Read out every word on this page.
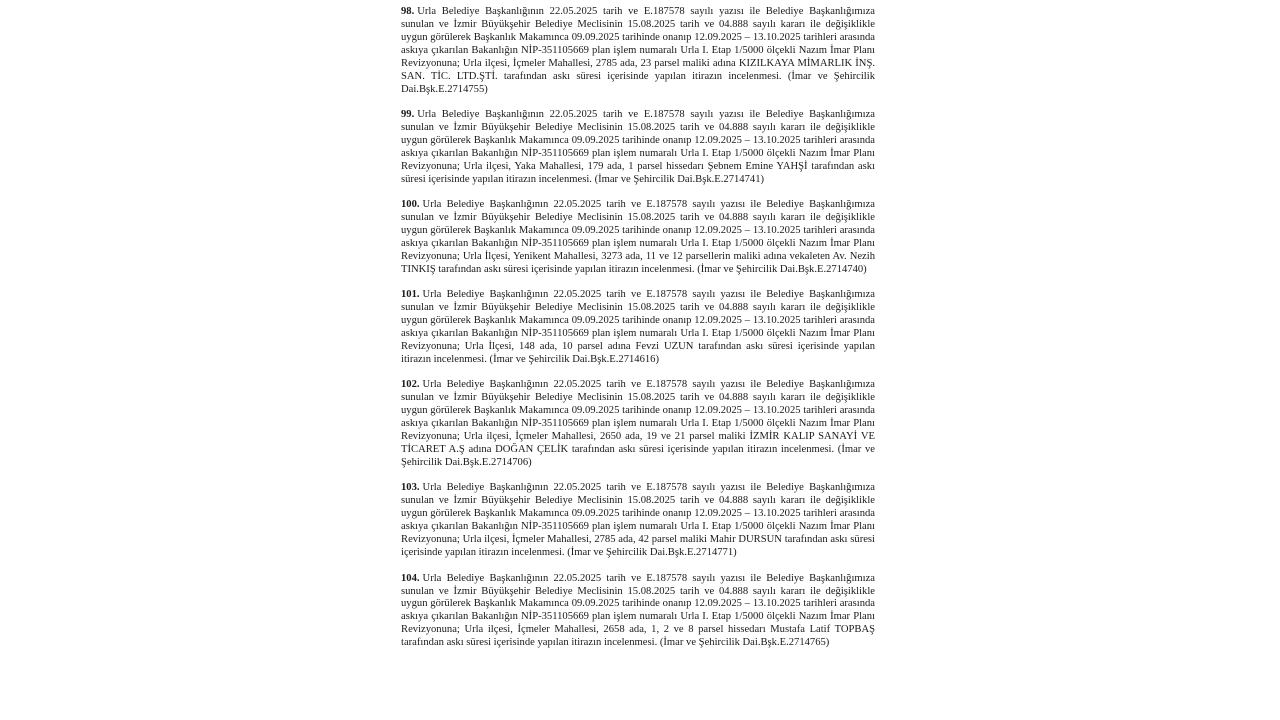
98. Urla Belediye Başkanlığının 22.05.2025 tarih ve E.187578 sayılı yazısı ile Belediye Başkanlığımıza sunulan ve İzmir Büyükşehir Belediye Meclisinin 15.08.2025 tarih ve 04.888 sayılı kararı ile değişiklikle uygun görülerek Başkanlık Makamınca 09.09.2025 tarihinde onanıp 12.09.2025 – 13.10.2025 tarihleri arasında askıya çıkarılan Bakanlığın NİP-351105669 plan işlem numaralı Urla I. Etap 1/5000 ölçekli Nazım İmar Planı Revizyonuna; Urla ilçesi, İçmeler Mahallesi, 2785 ada, 23 parsel maliki adına KIZILKAYA MİMARLIK İNŞ. SAN. TİC. LTD.ŞTİ. tarafından askı süresi içerisinde yapılan itirazın incelenmesi. (İmar ve Şehircilik Dai.Bşk.E.2714755)

99. Urla Belediye Başkanlığının 22.05.2025 tarih ve E.187578 sayılı yazısı ile Belediye Başkanlığımıza sunulan ve İzmir Büyükşehir Belediye Meclisinin 15.08.2025 tarih ve 04.888 sayılı kararı ile değişiklikle uygun görülerek Başkanlık Makamınca 09.09.2025 tarihinde onanıp 12.09.2025 – 13.10.2025 tarihleri arasında askıya çıkarılan Bakanlığın NİP-351105669 plan işlem numaralı Urla I. Etap 1/5000 ölçekli Nazım İmar Planı Revizyonuna; Urla ilçesi, Yaka Mahallesi, 179 ada, 1 parsel hissedarı Şebnem Emine YAHŞİ tarafından askı süresi içerisinde yapılan itirazın incelenmesi. (İmar ve Şehircilik Dai.Bşk.E.2714741)

100. Urla Belediye Başkanlığının 22.05.2025 tarih ve E.187578 sayılı yazısı ile Belediye Başkanlığımıza sunulan ve İzmir Büyükşehir Belediye Meclisinin 15.08.2025 tarih ve 04.888 sayılı kararı ile değişiklikle uygun görülerek Başkanlık Makamınca 09.09.2025 tarihinde onanıp 12.09.2025 – 13.10.2025 tarihleri arasında askıya çıkarılan Bakanlığın NİP-351105669 plan işlem numaralı Urla I. Etap 1/5000 ölçekli Nazım İmar Planı Revizyonuna; Urla İlçesi, Yenikent Mahallesi, 3273 ada, 11 ve 12 parsellerin maliki adına vekaleten Av. Nezih TINKIŞ tarafından askı süresi içerisinde yapılan itirazın incelenmesi. (İmar ve Şehircilik Dai.Bşk.E.2714740)

101. Urla Belediye Başkanlığının 22.05.2025 tarih ve E.187578 sayılı yazısı ile Belediye Başkanlığımıza sunulan ve İzmir Büyükşehir Belediye Meclisinin 15.08.2025 tarih ve 04.888 sayılı kararı ile değişiklikle uygun görülerek Başkanlık Makamınca 09.09.2025 tarihinde onanıp 12.09.2025 – 13.10.2025 tarihleri arasında askıya çıkarılan Bakanlığın NİP-351105669 plan işlem numaralı Urla I. Etap 1/5000 ölçekli Nazım İmar Planı Revizyonuna; Urla İlçesi, 148 ada, 10 parsel adına Fevzi UZUN tarafından askı süresi içerisinde yapılan itirazın incelenmesi. (İmar ve Şehircilik Dai.Bşk.E.2714616)

102. Urla Belediye Başkanlığının 22.05.2025 tarih ve E.187578 sayılı yazısı ile Belediye Başkanlığımıza sunulan ve İzmir Büyükşehir Belediye Meclisinin 15.08.2025 tarih ve 04.888 sayılı kararı ile değişiklikle uygun görülerek Başkanlık Makamınca 09.09.2025 tarihinde onanıp 12.09.2025 – 13.10.2025 tarihleri arasında askıya çıkarılan Bakanlığın NİP-351105669 plan işlem numaralı Urla I. Etap 1/5000 ölçekli Nazım İmar Planı Revizyonuna; Urla ilçesi, İçmeler Mahallesi, 2650 ada, 19 ve 21 parsel maliki İZMİR KALIP SANAYİ VE TİCARET A.Ş adına DOĞAN ÇELİK tarafından askı süresi içerisinde yapılan itirazın incelenmesi. (İmar ve Şehircilik Dai.Bşk.E.2714706)

103. Urla Belediye Başkanlığının 22.05.2025 tarih ve E.187578 sayılı yazısı ile Belediye Başkanlığımıza sunulan ve İzmir Büyükşehir Belediye Meclisinin 15.08.2025 tarih ve 04.888 sayılı kararı ile değişiklikle uygun görülerek Başkanlık Makamınca 09.09.2025 tarihinde onanıp 12.09.2025 – 13.10.2025 tarihleri arasında askıya çıkarılan Bakanlığın NİP-351105669 plan işlem numaralı Urla I. Etap 1/5000 ölçekli Nazım İmar Planı Revizyonuna; Urla ilçesi, İçmeler Mahallesi, 2785 ada, 42 parsel maliki Mahir DURSUN tarafından askı süresi içerisinde yapılan itirazın incelenmesi. (İmar ve Şehircilik Dai.Bşk.E.2714771)

104. Urla Belediye Başkanlığının 22.05.2025 tarih ve E.187578 sayılı yazısı ile Belediye Başkanlığımıza sunulan ve İzmir Büyükşehir Belediye Meclisinin 15.08.2025 tarih ve 04.888 sayılı kararı ile değişiklikle uygun görülerek Başkanlık Makamınca 09.09.2025 tarihinde onanıp 12.09.2025 – 13.10.2025 tarihleri arasında askıya çıkarılan Bakanlığın NİP-351105669 plan işlem numaralı Urla I. Etap 1/5000 ölçekli Nazım İmar Planı Revizyonuna; Urla ilçesi, İçmeler Mahallesi, 2658 ada, 1, 2 ve 8 parsel hissedarı Mustafa Latif TOPBAŞ tarafından askı süresi içerisinde yapılan itirazın incelenmesi. (İmar ve Şehircilik Dai.Bşk.E.2714765)
